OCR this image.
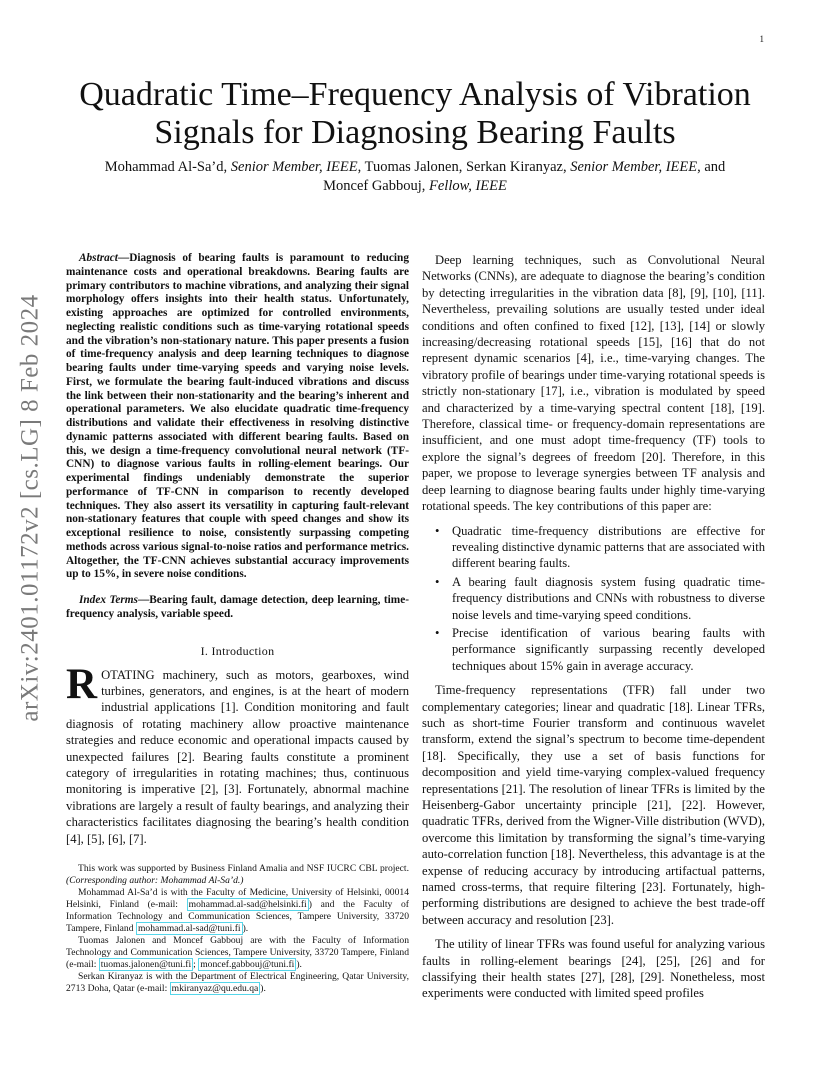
1
arXiv:2401.01172v2 [cs.LG] 8 Feb 2024
Quadratic Time–Frequency Analysis of Vibration
Signals for Diagnosing Bearing Faults
Mohammad Al-Sa’d, Senior Member, IEEE, Tuomas Jalonen, Serkan Kiranyaz, Senior Member, IEEE, and
Moncef Gabbouj, Fellow, IEEE

Abstract—Diagnosis of bearing faults is paramount to reducing maintenance costs and operational breakdowns. Bearing faults are primary contributors to machine vibrations, and analyzing their signal morphology offers insights into their health status. Unfortunately, existing approaches are optimized for controlled environments, neglecting realistic conditions such as time-varying rotational speeds and the vibration’s non-stationary nature. This paper presents a fusion of time-frequency analysis and deep learning techniques to diagnose bearing faults under time-varying speeds and varying noise levels. First, we formulate the bearing fault-induced vibrations and discuss the link between their non-stationarity and the bearing’s inherent and operational parameters. We also elucidate quadratic time-frequency distributions and validate their effectiveness in resolving distinctive dynamic patterns associated with different bearing faults. Based on this, we design a time-frequency convolutional neural network (TF-CNN) to diagnose various faults in rolling-element bearings. Our experimental findings undeniably demonstrate the superior performance of TF-CNN in comparison to recently developed techniques. They also assert its versatility in capturing fault-relevant non-stationary features that couple with speed changes and show its exceptional resilience to noise, consistently surpassing competing methods across various signal-to-noise ratios and performance metrics. Altogether, the TF-CNN achieves substantial accuracy improvements up to 15%, in severe noise conditions.

Index Terms—Bearing fault, damage detection, deep learning, time-frequency analysis, variable speed.

I. Introduction

ROTATING machinery, such as motors, gearboxes, wind turbines, generators, and engines, is at the heart of modern industrial applications [1]. Condition monitoring and fault diagnosis of rotating machinery allow proactive maintenance strategies and reduce economic and operational impacts caused by unexpected failures [2]. Bearing faults constitute a prominent category of irregularities in rotating machines; thus, continuous monitoring is imperative [2], [3]. Fortunately, abnormal machine vibrations are largely a result of faulty bearings, and analyzing their characteristics facilitates diagnosing the bearing’s health condition [4], [5], [6], [7].

This work was supported by Business Finland Amalia and NSF IUCRC CBL project. (Corresponding author: Mohammad Al-Sa’d.)

Mohammad Al-Sa’d is with the Faculty of Medicine, University of Helsinki, 00014 Helsinki, Finland (e-mail: mohammad.al-sad@helsinki.fi ) and the Faculty of Information Technology and Communication Sciences, Tampere University, 33720 Tampere, Finland mohammad.al-sad@tuni.fi ).

Tuomas Jalonen and Moncef Gabbouj are with the Faculty of Information Technology and Communication Sciences, Tampere University, 33720 Tampere, Finland (e-mail: tuomas.jalonen@tuni.fi ; moncef.gabbouj@tuni.fi ).

Serkan Kiranyaz is with the Department of Electrical Engineering, Qatar University, 2713 Doha, Qatar (e-mail: mkiranyaz@qu.edu.qa ).

Deep learning techniques, such as Convolutional Neural Networks (CNNs), are adequate to diagnose the bearing’s condition by detecting irregularities in the vibration data [8], [9], [10], [11]. Nevertheless, prevailing solutions are usually tested under ideal conditions and often confined to fixed [12], [13], [14] or slowly increasing/decreasing rotational speeds [15], [16] that do not represent dynamic scenarios [4], i.e., time-varying changes. The vibratory profile of bearings under time-varying rotational speeds is strictly non-stationary [17], i.e., vibration is modulated by speed and characterized by a time-varying spectral content [18], [19]. Therefore, classical time- or frequency-domain representations are insufficient, and one must adopt time-frequency (TF) tools to explore the signal’s degrees of freedom [20]. Therefore, in this paper, we propose to leverage synergies between TF analysis and deep learning to diagnose bearing faults under highly time-varying rotational speeds. The key contributions of this paper are:

• Quadratic time-frequency distributions are effective for revealing distinctive dynamic patterns that are associated with different bearing faults.
• A bearing fault diagnosis system fusing quadratic time-frequency distributions and CNNs with robustness to diverse noise levels and time-varying speed conditions.
• Precise identification of various bearing faults with performance significantly surpassing recently developed techniques about 15% gain in average accuracy.

Time-frequency representations (TFR) fall under two complementary categories; linear and quadratic [18]. Linear TFRs, such as short-time Fourier transform and continuous wavelet transform, extend the signal’s spectrum to become time-dependent [18]. Specifically, they use a set of basis functions for decomposition and yield time-varying complex-valued frequency representations [21]. The resolution of linear TFRs is limited by the Heisenberg-Gabor uncertainty principle [21], [22]. However, quadratic TFRs, derived from the Wigner-Ville distribution (WVD), overcome this limitation by transforming the signal’s time-varying auto-correlation function [18]. Nevertheless, this advantage is at the expense of reducing accuracy by introducing artifactual patterns, named cross-terms, that require filtering [23]. Fortunately, high-performing distributions are designed to achieve the best trade-off between accuracy and resolution [23].

The utility of linear TFRs was found useful for analyzing various faults in rolling-element bearings [24], [25], [26] and for classifying their health states [27], [28], [29]. Nonetheless, most experiments were conducted with limited speed profiles
